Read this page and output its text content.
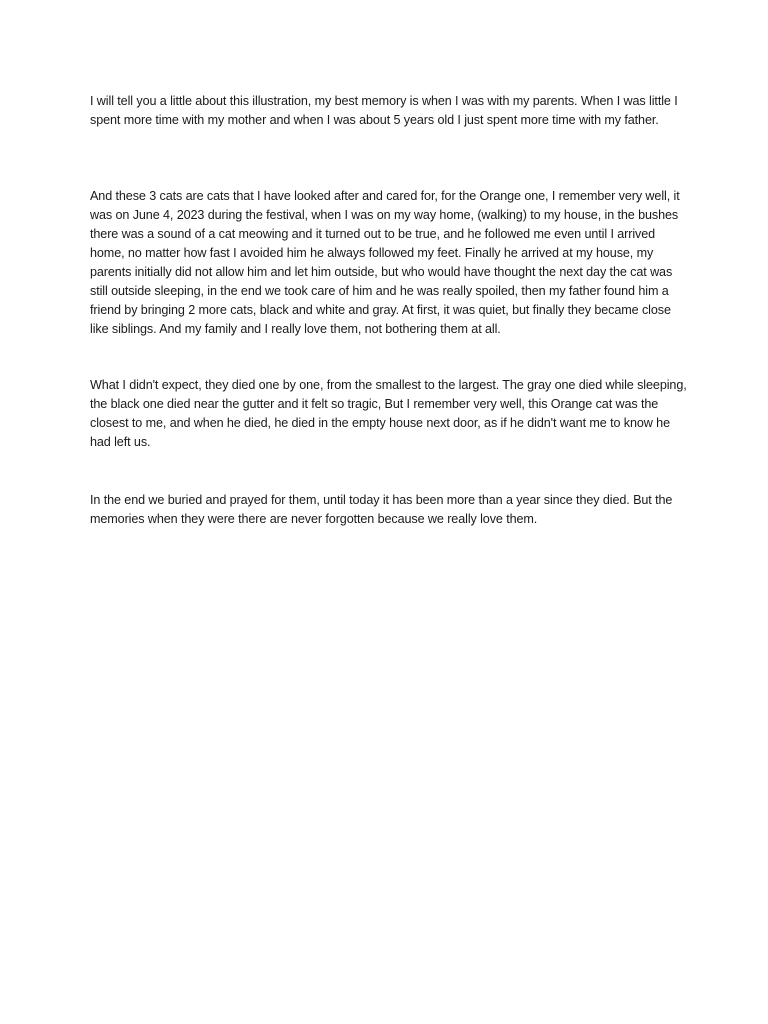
I will tell you a little about this illustration, my best memory is when I was with my parents. When I was little I spent more time with my mother and when I was about 5 years old I just spent more time with my father.

And these 3 cats are cats that I have looked after and cared for, for the Orange one, I remember very well, it was on June 4, 2023 during the festival, when I was on my way home, (walking) to my house, in the bushes there was a sound of a cat meowing and it turned out to be true, and he followed me even until I arrived home, no matter how fast I avoided him he always followed my feet. Finally he arrived at my house, my parents initially did not allow him and let him outside, but who would have thought the next day the cat was still outside sleeping, in the end we took care of him and he was really spoiled, then my father found him a friend by bringing 2 more cats, black and white and gray. At first, it was quiet, but finally they became close like siblings. And my family and I really love them, not bothering them at all.

What I didn't expect, they died one by one, from the smallest to the largest. The gray one died while sleeping, the black one died near the gutter and it felt so tragic, But I remember very well, this Orange cat was the closest to me, and when he died, he died in the empty house next door, as if he didn't want me to know he had left us.

In the end we buried and prayed for them, until today it has been more than a year since they died. But the memories when they were there are never forgotten because we really love them.
